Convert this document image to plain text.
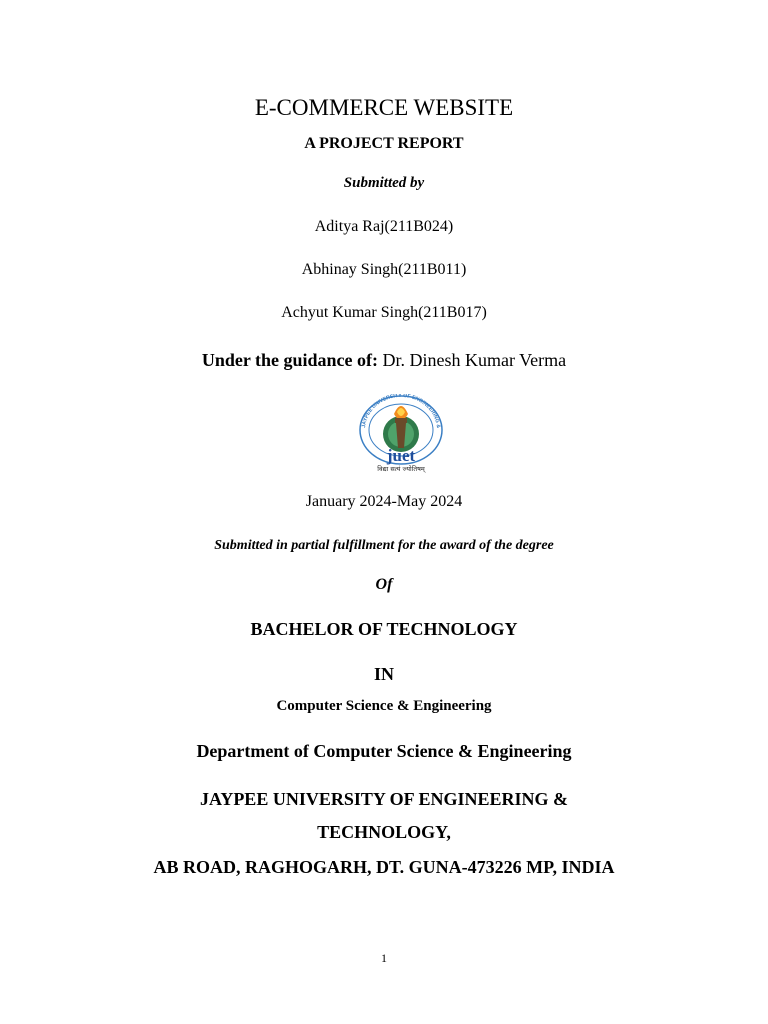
E-COMMERCE WEBSITE
A PROJECT REPORT
Submitted by
Aditya Raj(211B024)
Abhinay Singh(211B011)
Achyut Kumar Singh(211B017)
Under the guidance of: Dr. Dinesh Kumar Verma
JAYPEE UNIVERSITY OF ENGINEERING &
juet
विद्या सत्यं ज्योतिषम्
January 2024-May 2024
Submitted in partial fulfillment for the award of the degree
Of
BACHELOR OF TECHNOLOGY
IN
Computer Science & Engineering
Department of Computer Science & Engineering
JAYPEE UNIVERSITY OF ENGINEERING &
TECHNOLOGY,
AB ROAD, RAGHOGARH, DT. GUNA-473226 MP, INDIA
1
